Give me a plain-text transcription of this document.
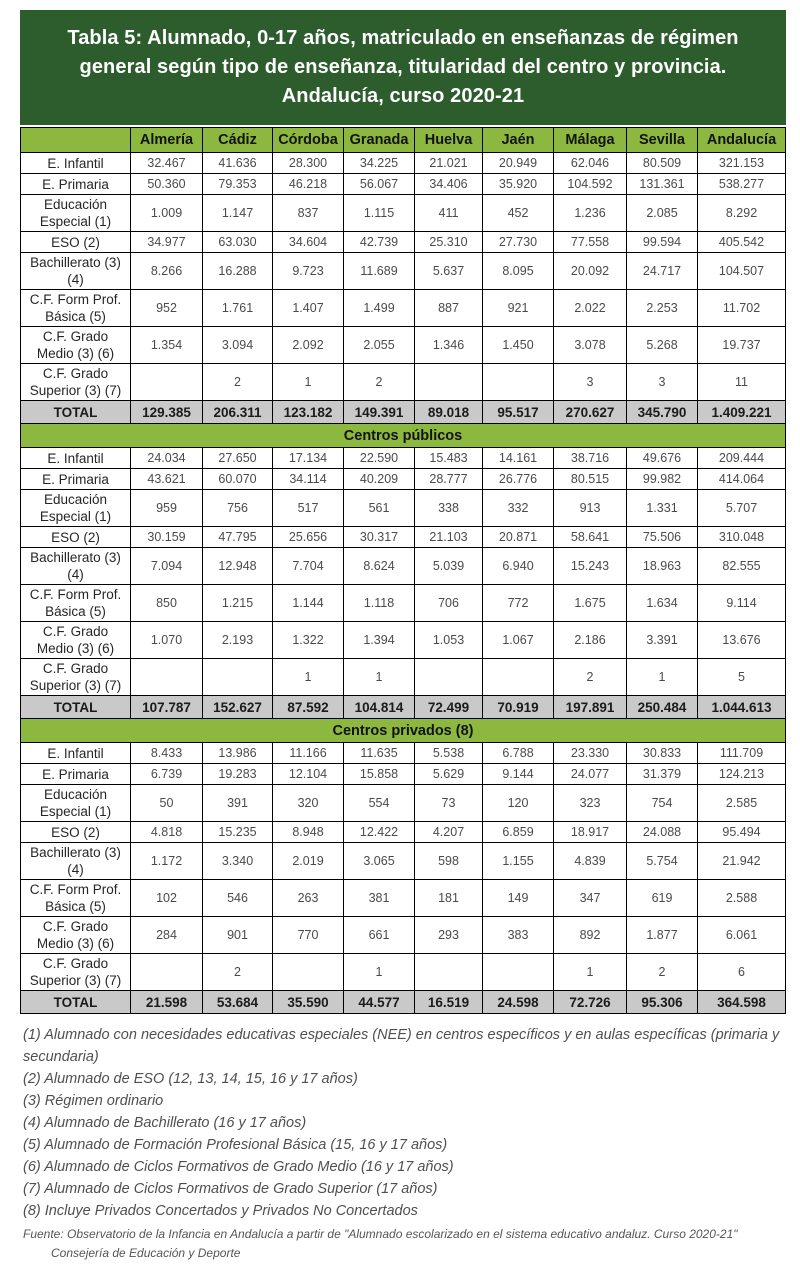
Tabla 5: Alumnado, 0-17 años, matriculado en enseñanzas de régimen general según tipo de enseñanza, titularidad del centro y provincia. Andalucía, curso 2020-21
	Almería	Cádiz	Córdoba	Granada	Huelva	Jaén	Málaga	Sevilla	Andalucía
E. Infantil	32.467	41.636	28.300	34.225	21.021	20.949	62.046	80.509	321.153
E. Primaria	50.360	79.353	46.218	56.067	34.406	35.920	104.592	131.361	538.277
Educación Especial (1)	1.009	1.147	837	1.115	411	452	1.236	2.085	8.292
ESO (2)	34.977	63.030	34.604	42.739	25.310	27.730	77.558	99.594	405.542
Bachillerato (3) (4)	8.266	16.288	9.723	11.689	5.637	8.095	20.092	24.717	104.507
C.F. Form Prof. Básica (5)	952	1.761	1.407	1.499	887	921	2.022	2.253	11.702
C.F. Grado Medio (3) (6)	1.354	3.094	2.092	2.055	1.346	1.450	3.078	5.268	19.737
C.F. Grado Superior (3) (7)		2	1	2			3	3	11
TOTAL	129.385	206.311	123.182	149.391	89.018	95.517	270.627	345.790	1.409.221
Centros públicos									
E. Infantil	24.034	27.650	17.134	22.590	15.483	14.161	38.716	49.676	209.444
E. Primaria	43.621	60.070	34.114	40.209	28.777	26.776	80.515	99.982	414.064
Educación Especial (1)	959	756	517	561	338	332	913	1.331	5.707
ESO (2)	30.159	47.795	25.656	30.317	21.103	20.871	58.641	75.506	310.048
Bachillerato (3) (4)	7.094	12.948	7.704	8.624	5.039	6.940	15.243	18.963	82.555
C.F. Form Prof. Básica (5)	850	1.215	1.144	1.118	706	772	1.675	1.634	9.114
C.F. Grado Medio (3) (6)	1.070	2.193	1.322	1.394	1.053	1.067	2.186	3.391	13.676
C.F. Grado Superior (3) (7)			1	1			2	1	5
TOTAL	107.787	152.627	87.592	104.814	72.499	70.919	197.891	250.484	1.044.613
Centros privados (8)									
E. Infantil	8.433	13.986	11.166	11.635	5.538	6.788	23.330	30.833	111.709
E. Primaria	6.739	19.283	12.104	15.858	5.629	9.144	24.077	31.379	124.213
Educación Especial (1)	50	391	320	554	73	120	323	754	2.585
ESO (2)	4.818	15.235	8.948	12.422	4.207	6.859	18.917	24.088	95.494
Bachillerato (3) (4)	1.172	3.340	2.019	3.065	598	1.155	4.839	5.754	21.942
C.F. Form Prof. Básica (5)	102	546	263	381	181	149	347	619	2.588
C.F. Grado Medio (3) (6)	284	901	770	661	293	383	892	1.877	6.061
C.F. Grado Superior (3) (7)		2		1			1	2	6
TOTAL	21.598	53.684	35.590	44.577	16.519	24.598	72.726	95.306	364.598

(1) Alumnado con necesidades educativas especiales (NEE) en centros específicos y en aulas específicas (primaria y secundaria)

(2) Alumnado de ESO (12, 13, 14, 15, 16 y 17 años)

(3) Régimen ordinario

(4) Alumnado de Bachillerato (16 y 17 años)

(5) Alumnado de Formación Profesional Básica (15, 16 y 17 años)

(6) Alumnado de Ciclos Formativos de Grado Medio (16 y 17 años)

(7) Alumnado de Ciclos Formativos de Grado Superior (17 años)

(8) Incluye Privados Concertados y Privados No Concertados

Fuente: Observatorio de la Infancia en Andalucía a partir de "Alumnado escolarizado en el sistema educativo andaluz. Curso 2020-21" Consejería de Educación y Deporte
